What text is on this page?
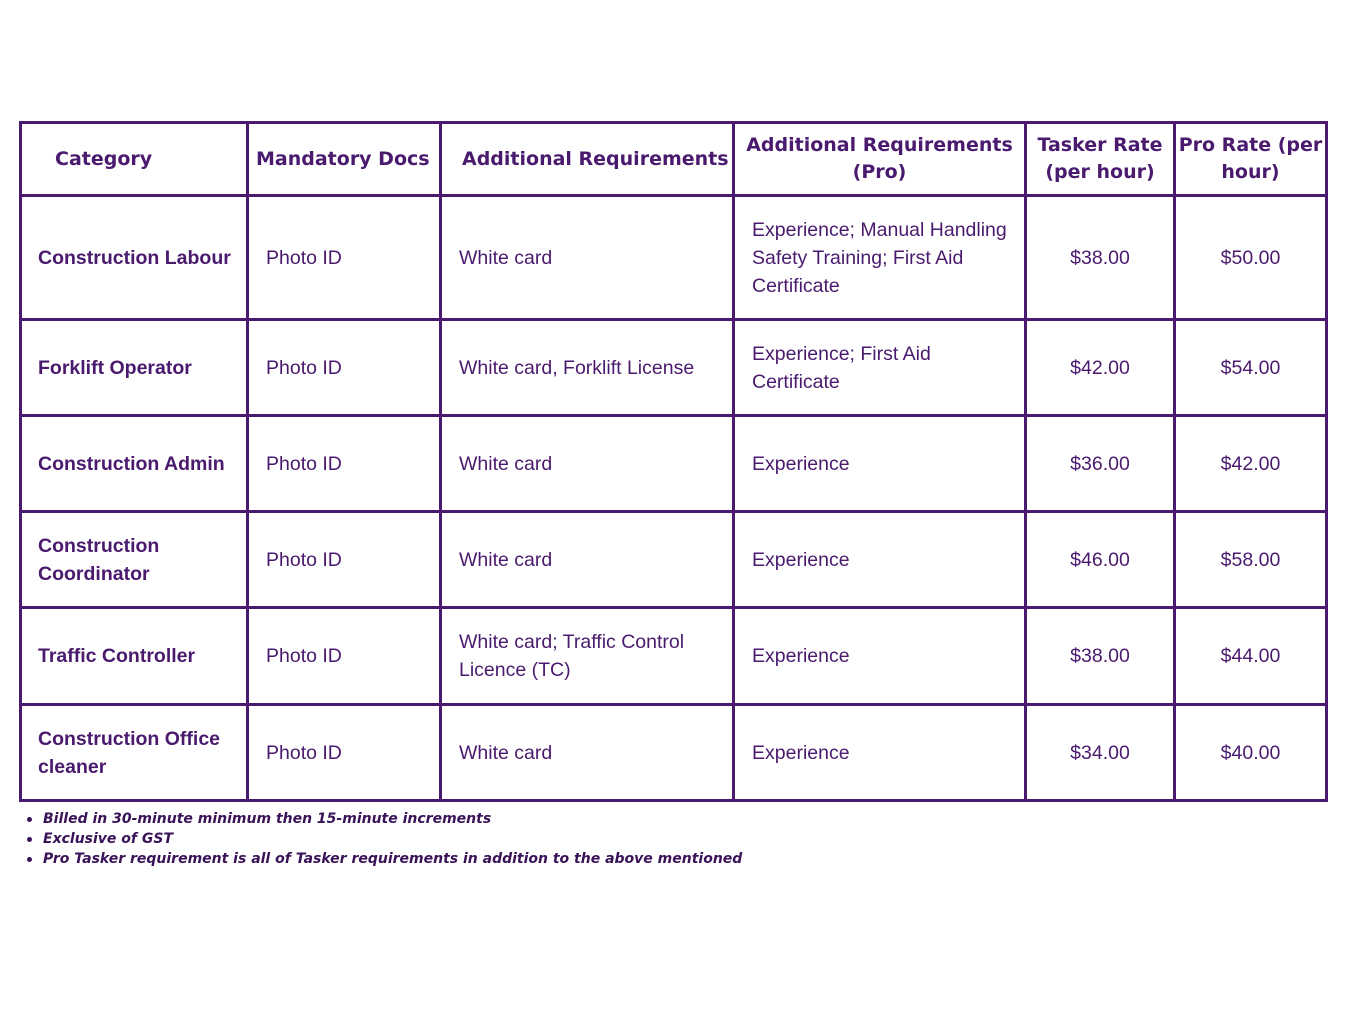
Category	Mandatory Docs	Additional Requirements	Additional Requirements (Pro)	Tasker Rate (per hour)	Pro Rate (per hour)
Construction Labour	Photo ID	White card	Experience; Manual Handling Safety Training; First Aid Certificate	$38.00	$50.00
Forklift Operator	Photo ID	White card, Forklift License	Experience; First Aid Certificate	$42.00	$54.00
Construction Admin	Photo ID	White card	Experience	$36.00	$42.00
Construction Coordinator	Photo ID	White card	Experience	$46.00	$58.00
Traffic Controller	Photo ID	White card; Traffic Control Licence (TC)	Experience	$38.00	$44.00
Construction Office cleaner	Photo ID	White card	Experience	$34.00	$40.00
Billed in 30-minute minimum then 15-minute increments
Exclusive of GST
Pro Tasker requirement is all of Tasker requirements in addition to the above mentioned
